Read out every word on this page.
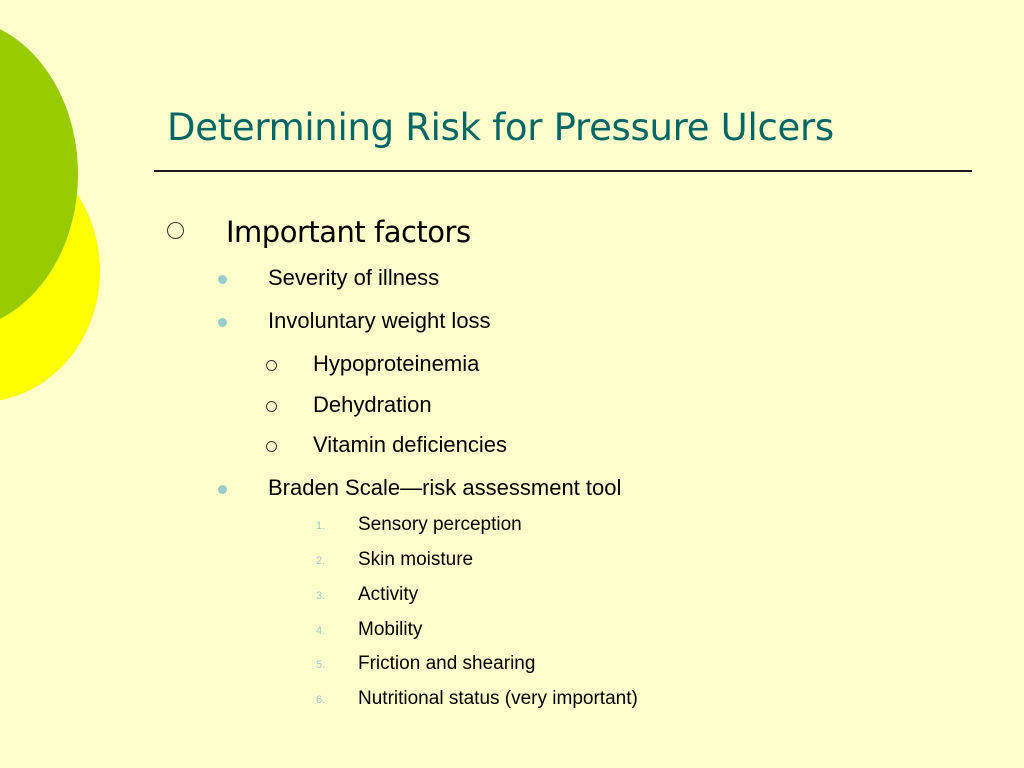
Determining Risk for Pressure Ulcers
Important factors
Severity of illness
Involuntary weight loss
Hypoproteinemia
Dehydration
Vitamin deficiencies
Braden Scale—risk assessment tool
1. Sensory perception
2. Skin moisture
3. Activity
4. Mobility
5. Friction and shearing
6. Nutritional status (very important)
